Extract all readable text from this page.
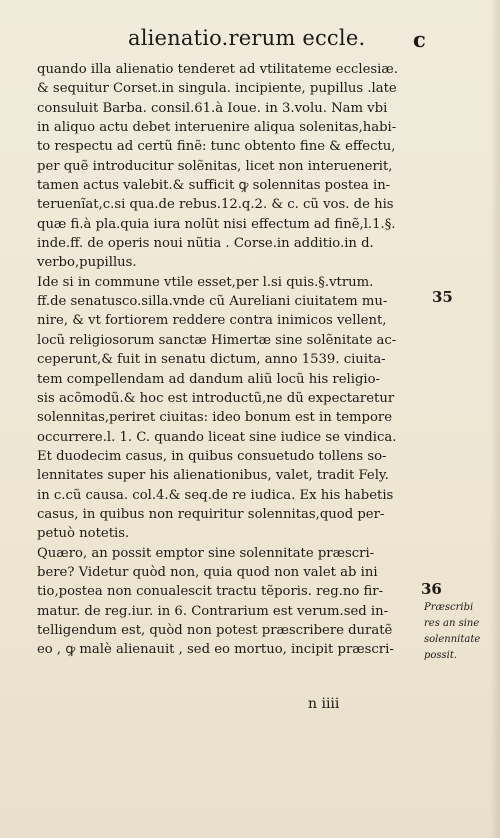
alienatio.rerum eccle. c
quando illa alienatio tenderet ad vtilitateme ecclesiæ.
& sequitur Corset.in singula. incipiente, pupillus .late
consuluit Barba. consil.61.à Ioue. in 3.volu. Nam vbi
in aliquo actu debet interuenire aliqua solenitas,habi-
to respectu ad certũ finẽ: tunc obtento fine & effectu,
per quẽ introducitur solẽnitas, licet non interuenerit,
tamen actus valebit.& sufficit ꝙ solennitas postea in-
teruenĩat,c.si qua.de rebus.12.q.2. & c. cũ vos. de his
quæ fi.à pla.quia iura nolũt nisi effectum ad finẽ,l.1.§.
inde.ff. de operis noui nũtia . Corse.in additio.in d.
verbo,pupillus.
Ide si in commune vtile esset,per l.si quis.§.vtrum.
ff.de senatusco.silla.vnde cũ Aureliani ciuitatem mu-
nire, & vt fortiorem reddere contra inimicos vellent,
locũ religiosorum sanctæ Himertæ sine solẽnitate ac-
ceperunt,& fuit in senatu dictum, anno 1539. ciuita-
tem compellendam ad dandum aliũ locũ his religio-
sis acõmodũ.& hoc est introductũ,ne dũ expectaretur
solennitas,periret ciuitas: ideo bonum est in tempore
occurrere.l. 1. C. quando liceat sine iudice se vindica.
Et duodecim casus, in quibus consuetudo tollens so-
lennitates super his alienationibus, valet, tradit Fely.
in c.cũ causa. col.4.& seq.de re iudica. Ex his habetis
casus, in quibus non requiritur solennitas,quod per-
petuò notetis.
Quæro, an possit emptor sine solennitate præscri-
bere? Videtur quòd non, quia quod non valet ab ini
tio,postea non conualescit tractu tẽporis. reg.no fir-
matur. de reg.iur. in 6. Contrarium est verum.sed in-
telligendum est, quòd non potest præscribere duratẽ
eo , ꝙ malè alienauit , sed eo mortuo, incipit præscri-
35
36
Præscribi
res an sine
solennitate
possit.
n iiii
